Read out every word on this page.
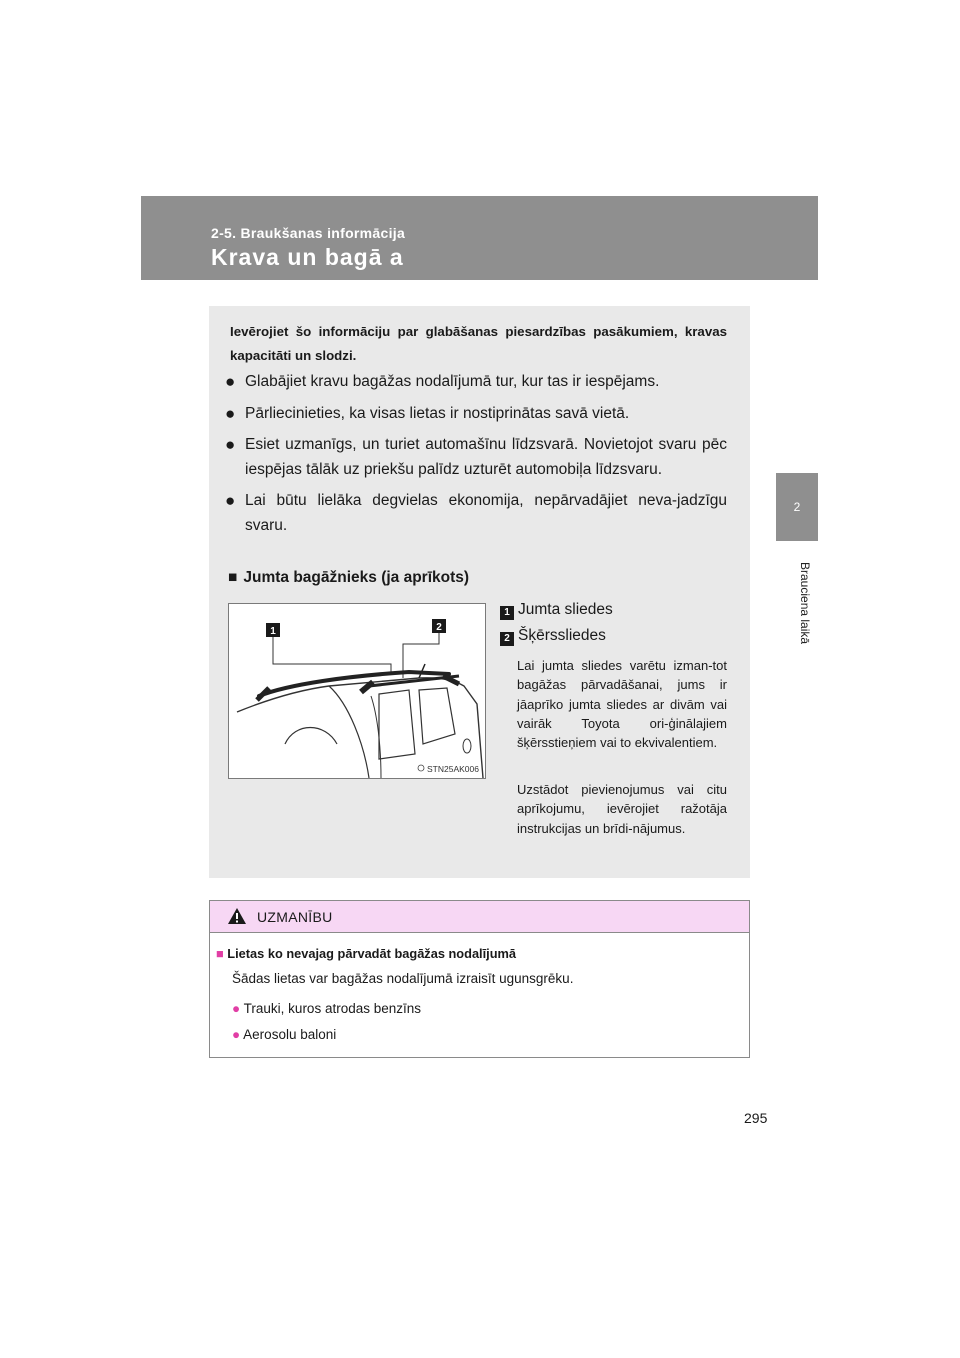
2-5. Braukšanas informācija
Krava un bagā a
2
Brauciena laikā
Ievērojiet šo informāciju par glabāšanas piesardzības pasākumiem, kravas kapacitāti un slodzi.
● Glabājiet kravu bagāžas nodalījumā tur, kur tas ir iespējams.
● Pārliecinieties, ka visas lietas ir nostiprinātas savā vietā.
● Esiet uzmanīgs, un turiet automašīnu līdzsvarā. Novietojot svaru pēc iespējas tālāk uz priekšu palīdz uzturēt automobiļa līdzsvaru.
● Lai būtu lielāka degvielas ekonomija, nepārvadājiet neva-jadzīgu svaru.
■ Jumta bagāžnieks (ja aprīkots)
1	2
STN25AK006
1 Jumta sliedes
2 Šķērssliedes
Lai jumta sliedes varētu izman-tot bagāžas pārvadāšanai, jums ir jāaprīko jumta sliedes ar divām vai vairāk Toyota ori-ģinālajiem šķērsstieņiem vai to ekvivalentiem.
Uzstādot pievienojumus vai citu aprīkojumu, ievērojiet ražotāja instrukcijas un brīdi-nājumus.
UZMANĪBU
■ Lietas ko nevajag pārvadāt bagāžas nodalījumā
Šādas lietas var bagāžas nodalījumā izraisīt ugunsgrēku.
● Trauki, kuros atrodas benzīns
● Aerosolu baloni
295
